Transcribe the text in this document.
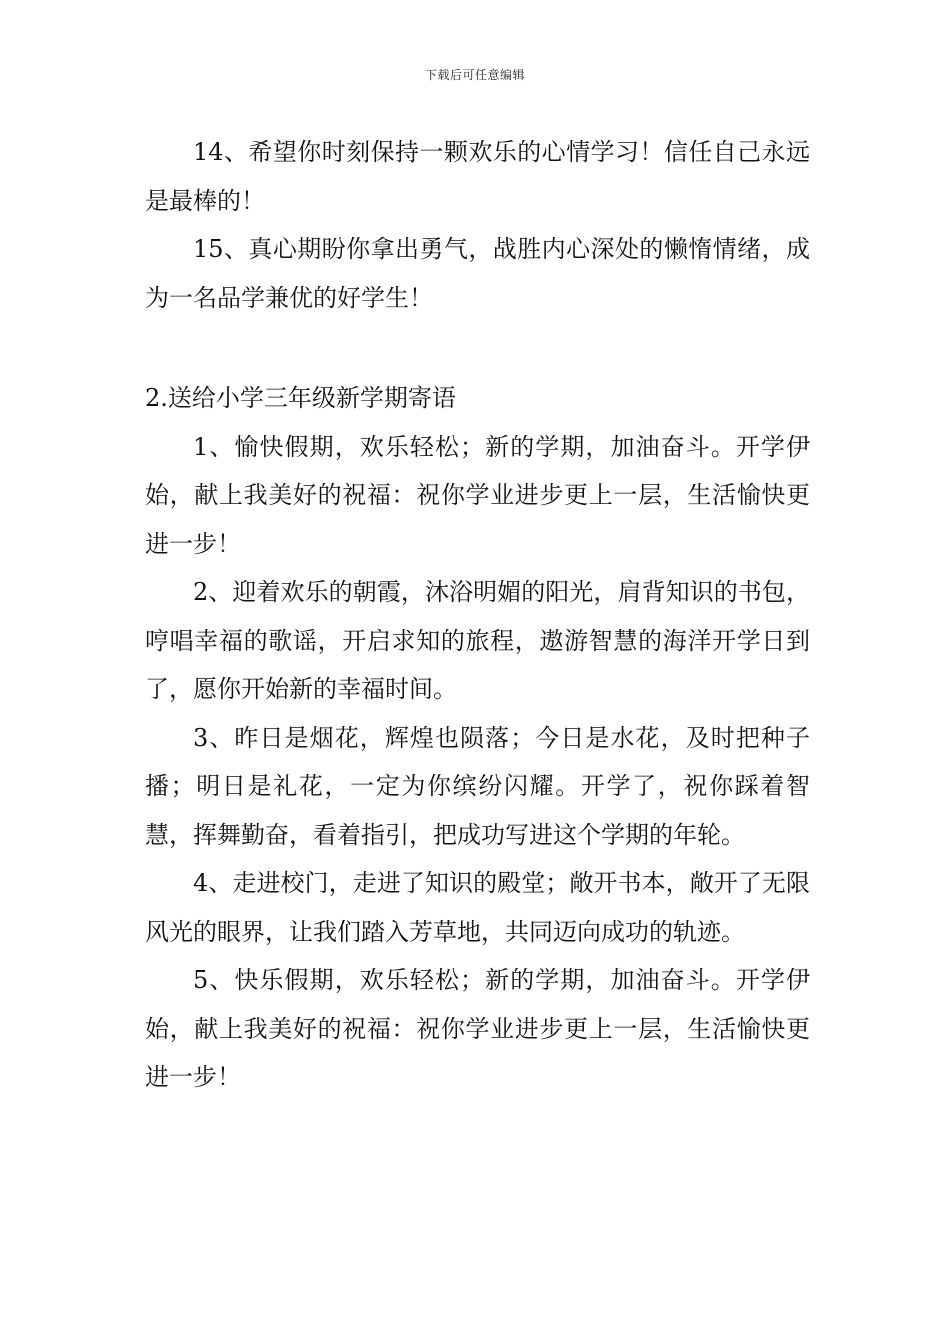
下载后可任意编辑

14、希望你时刻保持一颗欢乐的心情学习！信任自己永远是最棒的！

15、真心期盼你拿出勇气，战胜内心深处的懒惰情绪，成为一名品学兼优的好学生！

2.送给小学三年级新学期寄语

1、愉快假期，欢乐轻松；新的学期，加油奋斗。开学伊始，献上我美好的祝福：祝你学业进步更上一层，生活愉快更进一步！

2、迎着欢乐的朝霞，沐浴明媚的阳光，肩背知识的书包，哼唱幸福的歌谣，开启求知的旅程，遨游智慧的海洋开学日到了，愿你开始新的幸福时间。

3、昨日是烟花，辉煌也陨落；今日是水花，及时把种子播；明日是礼花，一定为你缤纷闪耀。开学了，祝你踩着智慧，挥舞勤奋，看着指引，把成功写进这个学期的年轮。

4、走进校门，走进了知识的殿堂；敞开书本，敞开了无限风光的眼界，让我们踏入芳草地，共同迈向成功的轨迹。

5、快乐假期，欢乐轻松；新的学期，加油奋斗。开学伊始，献上我美好的祝福：祝你学业进步更上一层，生活愉快更进一步！
